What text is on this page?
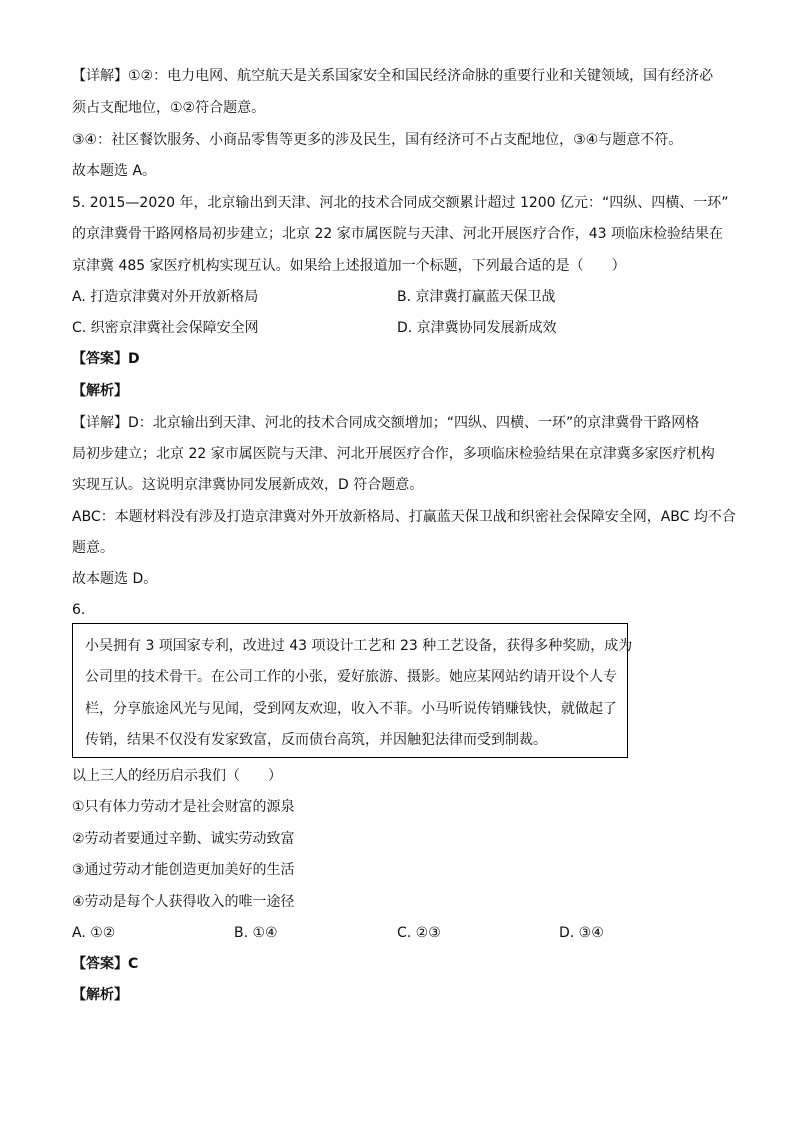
【详解】①②：电力电网、航空航天是关系国家安全和国民经济命脉的重要行业和关键领域，国有经济必
须占支配地位，①②符合题意。
③④：社区餐饮服务、小商品零售等更多的涉及民生，国有经济可不占支配地位，③④与题意不符。
故本题选 A。
5. 2015—2020 年，北京输出到天津、河北的技术合同成交额累计超过 1200 亿元：“四纵、四横、一环”
的京津冀骨干路网格局初步建立；北京 22 家市属医院与天津、河北开展医疗合作，43 项临床检验结果在
京津冀 485 家医疗机构实现互认。如果给上述报道加一个标题，下列最合适的是（　　）
A. 打造京津冀对外开放新格局	B. 京津冀打赢蓝天保卫战
C. 织密京津冀社会保障安全网	D. 京津冀协同发展新成效
【答案】D
【解析】
【详解】D：北京输出到天津、河北的技术合同成交额增加；“四纵、四横、一环”的京津冀骨干路网格
局初步建立；北京 22 家市属医院与天津、河北开展医疗合作，多项临床检验结果在京津冀多家医疗机构
实现互认。这说明京津冀协同发展新成效，D 符合题意。
ABC：本题材料没有涉及打造京津冀对外开放新格局、打赢蓝天保卫战和织密社会保障安全网，ABC 均不合
题意。
故本题选 D。
6.
小吴拥有 3 项国家专利，改进过 43 项设计工艺和 23 种工艺设备，获得多种奖励，成为
公司里的技术骨干。在公司工作的小张，爱好旅游、摄影。她应某网站约请开设个人专
栏，分享旅途风光与见闻，受到网友欢迎，收入不菲。小马听说传销赚钱快，就做起了
传销，结果不仅没有发家致富，反而债台高筑，并因触犯法律而受到制裁。
以上三人的经历启示我们（　　）
①只有体力劳动才是社会财富的源泉
②劳动者要通过辛勤、诚实劳动致富
③通过劳动才能创造更加美好的生活
④劳动是每个人获得收入的唯一途径
A. ①②	B. ①④	C. ②③	D. ③④
【答案】C
【解析】
